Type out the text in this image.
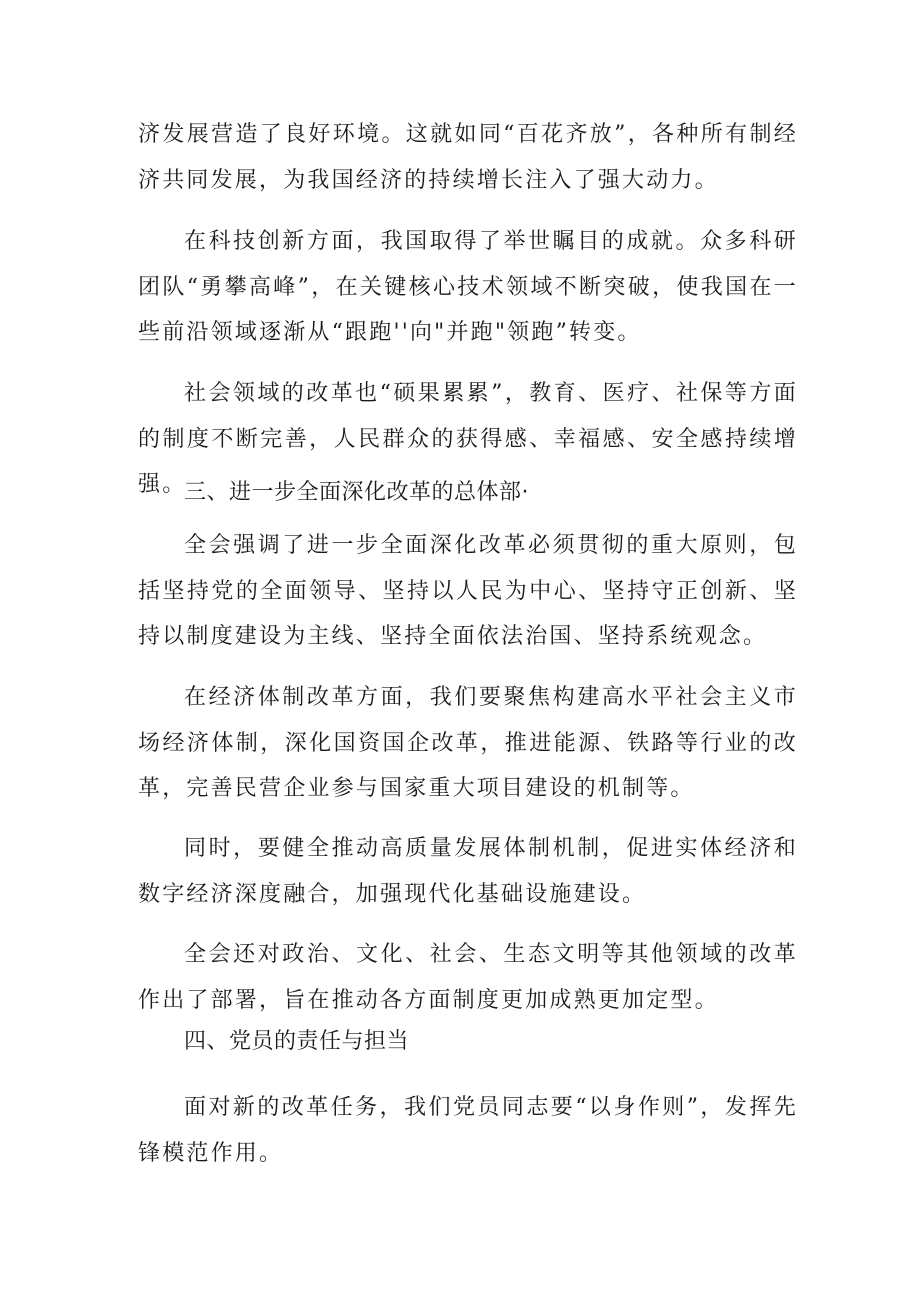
济发展营造了良好环境。这就如同“百花齐放”，各种所有制经济共同发展，为我国经济的持续增长注入了强大动力。

在科技创新方面，我国取得了举世瞩目的成就。众多科研团队“勇攀高峰”，在关键核心技术领域不断突破，使我国在一些前沿领域逐渐从“跟跑''向"并跑"领跑”转变。

社会领域的改革也“硕果累累”，教育、医疗、社保等方面的制度不断完善，人民群众的获得感、幸福感、安全感持续增强。

三、进一步全面深化改革的总体部·

全会强调了进一步全面深化改革必须贯彻的重大原则，包括坚持党的全面领导、坚持以人民为中心、坚持守正创新、坚持以制度建设为主线、坚持全面依法治国、坚持系统观念。

在经济体制改革方面，我们要聚焦构建高水平社会主义市场经济体制，深化国资国企改革，推进能源、铁路等行业的改革，完善民营企业参与国家重大项目建设的机制等。

同时，要健全推动高质量发展体制机制，促进实体经济和数字经济深度融合，加强现代化基础设施建设。

全会还对政治、文化、社会、生态文明等其他领域的改革作出了部署，旨在推动各方面制度更加成熟更加定型。

四、党员的责任与担当

面对新的改革任务，我们党员同志要“以身作则”，发挥先锋模范作用。
